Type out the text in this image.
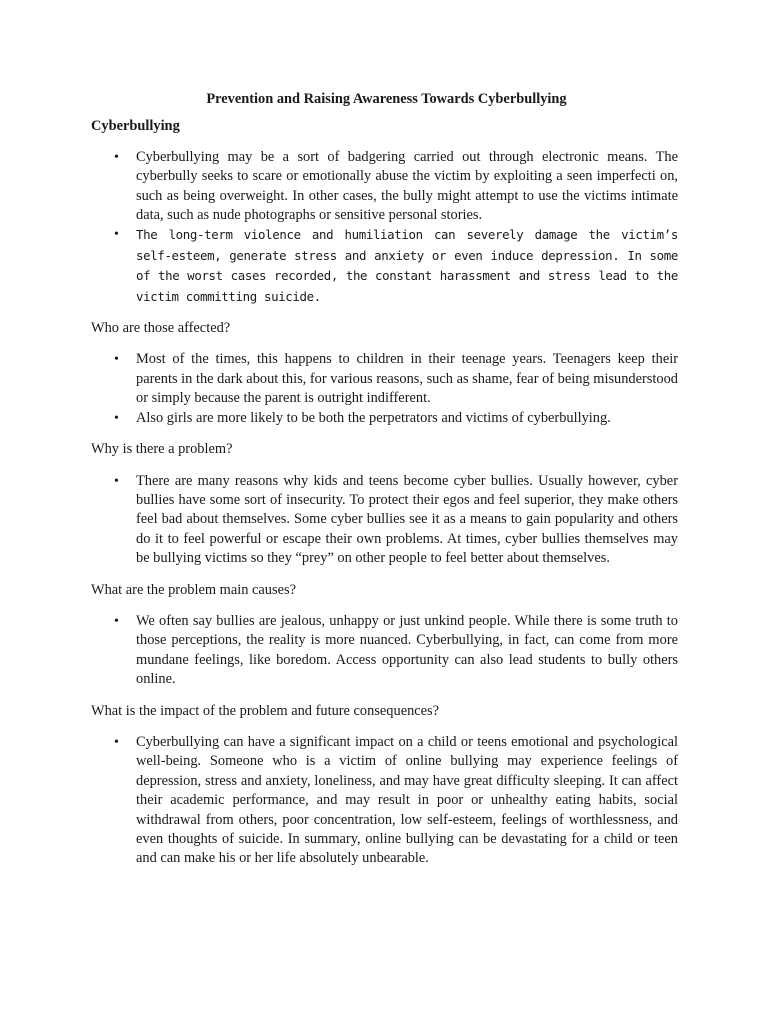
Prevention and Raising Awareness Towards Cyberbullying
Cyberbullying
• Cyberbullying may be a sort of badgering carried out through electronic means. The cyberbully seeks to scare or emotionally abuse the victim by exploiting a seen imperfecti on, such as being overweight. In other cases, the bully might attempt to use the victims intimate data, such as nude photographs or sensitive personal stories.
• The long-term violence and humiliation can severely damage the victim’s self-esteem, generate stress and anxiety or even induce depression. In some of the worst cases recorded, the constant harassment and stress lead to the victim committing suicide.
Who are those affected?
• Most of the times, this happens to children in their teenage years. Teenagers keep their parents in the dark about this, for various reasons, such as shame, fear of being misunderstood or simply because the parent is outright indifferent.
• Also girls are more likely to be both the perpetrators and victims of cyberbullying.
Why is there a problem?
• There are many reasons why kids and teens become cyber bullies. Usually however, cyber bullies have some sort of insecurity. To protect their egos and feel superior, they make others feel bad about themselves. Some cyber bullies see it as a means to gain popularity and others do it to feel powerful or escape their own problems. At times, cyber bullies themselves may be bullying victims so they “prey” on other people to feel better about themselves.
What are the problem main causes?
• We often say bullies are jealous, unhappy or just unkind people. While there is some truth to those perceptions, the reality is more nuanced. Cyberbullying, in fact, can come from more mundane feelings, like boredom. Access opportunity can also lead students to bully others online.
What is the impact of the problem and future consequences?
• Cyberbullying can have a significant impact on a child or teens emotional and psychological well-being. Someone who is a victim of online bullying may experience feelings of depression, stress and anxiety, loneliness, and may have great difficulty sleeping. It can affect their academic performance, and may result in poor or unhealthy eating habits, social withdrawal from others, poor concentration, low self-esteem, feelings of worthlessness, and even thoughts of suicide. In summary, online bullying can be devastating for a child or teen and can make his or her life absolutely unbearable.
